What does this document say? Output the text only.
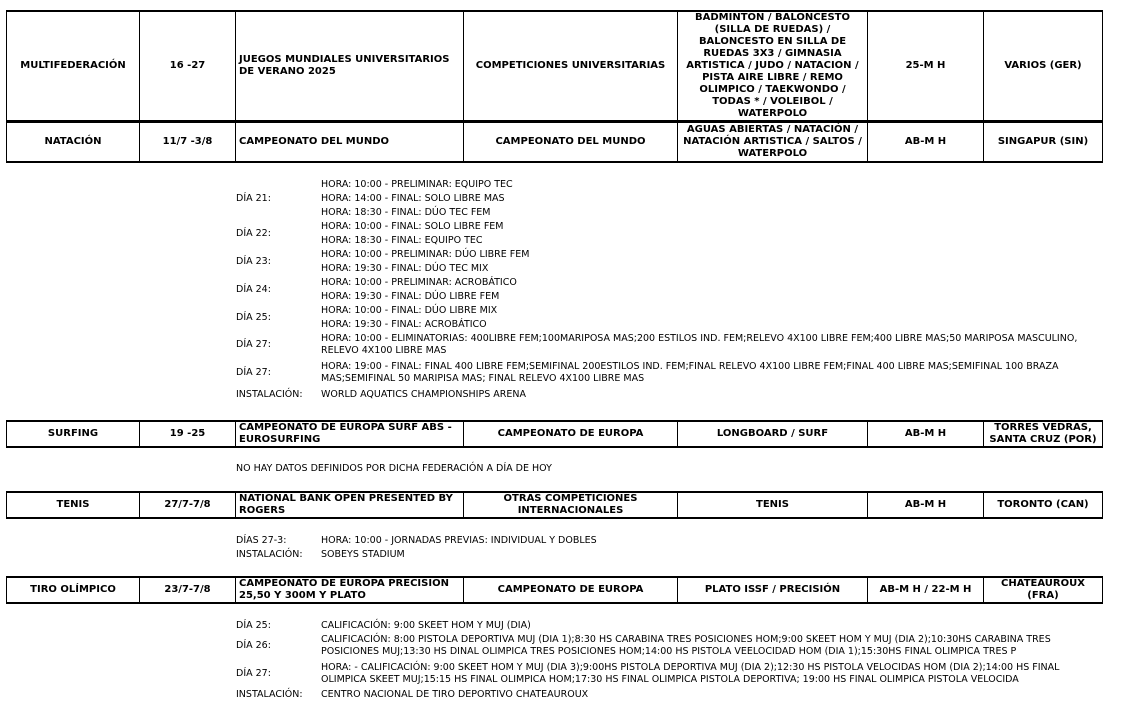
MULTIFEDERACIÓN	16 -27	JUEGOS MUNDIALES UNIVERSITARIOS DE VERANO 2025	COMPETICIONES UNIVERSITARIAS	BADMINTON / BALONCESTO (SILLA DE RUEDAS) / BALONCESTO EN SILLA DE RUEDAS 3X3 / GIMNASIA ARTISTICA / JUDO / NATACION / PISTA AIRE LIBRE / REMO OLIMPICO / TAEKWONDO / TODAS * / VOLEIBOL / WATERPOLO	25-M H	VARIOS (GER)
NATACIÓN	11/7 -3/8	CAMPEONATO DEL MUNDO	CAMPEONATO DEL MUNDO	AGUAS ABIERTAS / NATACIÓN / NATACIÓN ARTISTICA / SALTOS / WATERPOLO	AB-M H	SINGAPUR (SIN)
DÍA 21:
HORA: 10:00 - PRELIMINAR: EQUIPO TEC
HORA: 14:00 - FINAL: SOLO LIBRE MAS
HORA: 18:30 - FINAL: DÚO TEC FEM
DÍA 22:
HORA: 10:00 - FINAL: SOLO LIBRE FEM
HORA: 18:30 - FINAL: EQUIPO TEC
DÍA 23:
HORA: 10:00 - PRELIMINAR: DÚO LIBRE FEM
HORA: 19:30 - FINAL: DÚO TEC MIX
DÍA 24:
HORA: 10:00 - PRELIMINAR: ACROBÁTICO
HORA: 19:30 - FINAL: DÚO LIBRE FEM
DÍA 25:
HORA: 10:00 - FINAL: DÚO LIBRE MIX
HORA: 19:30 - FINAL: ACROBÁTICO
DÍA 27:
HORA: 10:00 - ELIMINATORIAS: 400LIBRE FEM;100MARIPOSA MAS;200 ESTILOS IND. FEM;RELEVO 4X100 LIBRE FEM;400 LIBRE MAS;50 MARIPOSA MASCULINO, RELEVO 4X100 LIBRE MAS
DÍA 27:
HORA: 19:00 - FINAL: FINAL 400 LIBRE FEM;SEMIFINAL 200ESTILOS IND. FEM;FINAL RELEVO 4X100 LIBRE FEM;FINAL 400 LIBRE MAS;SEMIFINAL 100 BRAZA MAS;SEMIFINAL 50 MARIPISA MAS; FINAL RELEVO 4X100 LIBRE MAS
INSTALACIÓN:	WORLD AQUATICS CHAMPIONSHIPS ARENA
SURFING	19 -25	CAMPEONATO DE EUROPA SURF ABS - EUROSURFING	CAMPEONATO DE EUROPA	LONGBOARD / SURF	AB-M H	TORRES VEDRAS, SANTA CRUZ (POR)
NO HAY DATOS DEFINIDOS POR DICHA FEDERACIÓN A DÍA DE HOY
TENIS	27/7-7/8	NATIONAL BANK OPEN PRESENTED BY ROGERS	OTRAS COMPETICIONES INTERNACIONALES	TENIS	AB-M H	TORONTO (CAN)
DÍAS 27-3:	HORA: 10:00 - JORNADAS PREVIAS: INDIVIDUAL Y DOBLES
INSTALACIÓN:	SOBEYS STADIUM
TIRO OLÍMPICO	23/7-7/8	CAMPEONATO DE EUROPA PRECISION 25,50 Y 300M Y PLATO	CAMPEONATO DE EUROPA	PLATO ISSF / PRECISIÓN	AB-M H / 22-M H	CHATEAUROUX (FRA)
DÍA 25:	CALIFICACIÓN: 9:00 SKEET HOM Y MUJ (DIA)
DÍA 26:
CALIFICACIÓN: 8:00 PISTOLA DEPORTIVA MUJ (DIA 1);8:30 HS CARABINA TRES POSICIONES HOM;9:00 SKEET HOM Y MUJ (DIA 2);10:30HS CARABINA TRES POSICIONES MUJ;13:30 HS DINAL OLIMPICA TRES POSICIONES HOM;14:00 HS PISTOLA VEELOCIDAD HOM (DIA 1);15:30HS FINAL OLIMPICA TRES P
DÍA 27:
HORA: - CALIFICACIÓN: 9:00 SKEET HOM Y MUJ (DIA 3);9:00HS PISTOLA DEPORTIVA MUJ (DIA 2);12:30 HS PISTOLA VELOCIDAS HOM (DIA 2);14:00 HS FINAL OLIMPICA SKEET MUJ;15:15 HS FINAL OLIMPICA HOM;17:30 HS FINAL OLIMPICA PISTOLA DEPORTIVA; 19:00 HS FINAL OLIMPICA PISTOLA VELOCIDA
INSTALACIÓN:	CENTRO NACIONAL DE TIRO DEPORTIVO CHATEAUROUX
